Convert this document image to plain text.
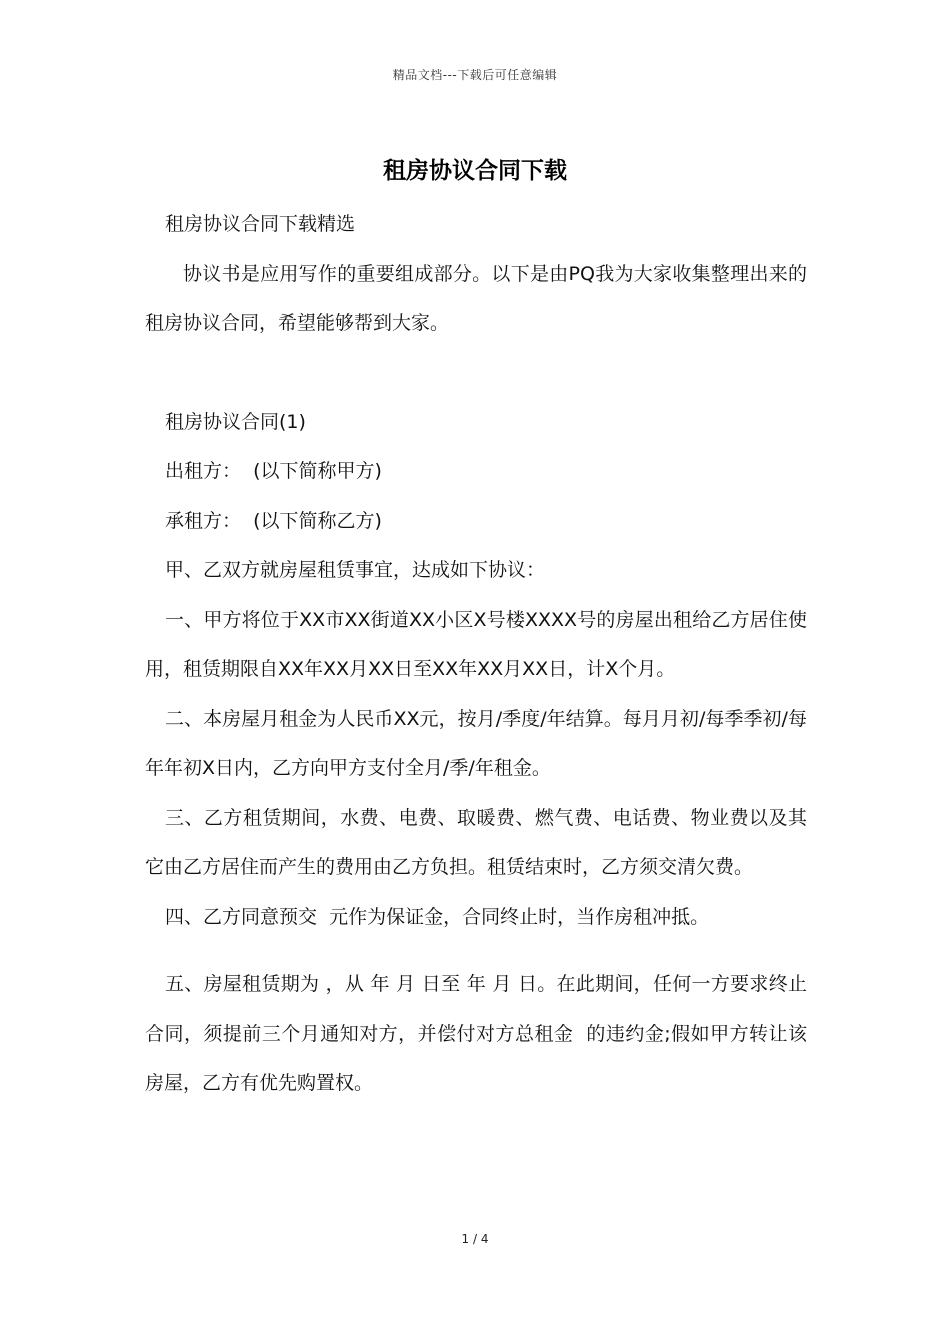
精品文档---下载后可任意编辑
租房协议合同下载

租房协议合同下载精选

协议书是应用写作的重要组成部分。以下是由PQ我为大家收集整理出来的租房协议合同，希望能够帮到大家。

租房协议合同(1)

出租方：  (以下简称甲方)

承租方：  (以下简称乙方)

甲、乙双方就房屋租赁事宜，达成如下协议：

一、甲方将位于XX市XX街道XX小区X号楼XXXX号的房屋出租给乙方居住使用，租赁期限自XX年XX月XX日至XX年XX月XX日，计X个月。

二、本房屋月租金为人民币XX元，按月/季度/年结算。每月月初/每季季初/每年年初X日内，乙方向甲方支付全月/季/年租金。

三、乙方租赁期间，水费、电费、取暖费、燃气费、电话费、物业费以及其它由乙方居住而产生的费用由乙方负担。租赁结束时，乙方须交清欠费。

四、乙方同意预交  元作为保证金，合同终止时，当作房租冲抵。

五、房屋租赁期为 ，从 年 月 日至 年 月 日。在此期间，任何一方要求终止合同，须提前三个月通知对方，并偿付对方总租金  的违约金;假如甲方转让该房屋，乙方有优先购置权。

1 / 4
